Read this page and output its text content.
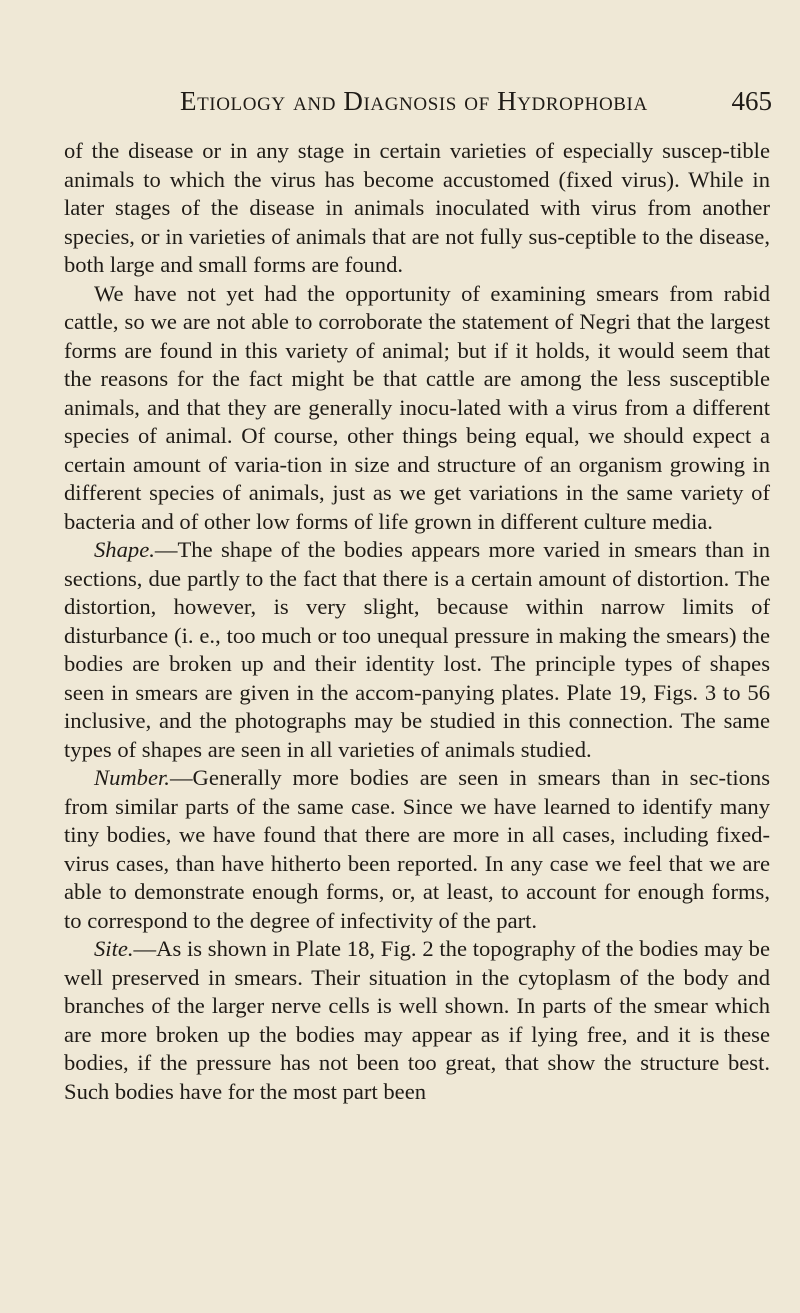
Etiology and Diagnosis of Hydrophobia	465

of the disease or in any stage in certain varieties of especially suscep-tible animals to which the virus has become accustomed (fixed virus). While in later stages of the disease in animals inoculated with virus from another species, or in varieties of animals that are not fully sus-ceptible to the disease, both large and small forms are found.

We have not yet had the opportunity of examining smears from rabid cattle, so we are not able to corroborate the statement of Negri that the largest forms are found in this variety of animal; but if it holds, it would seem that the reasons for the fact might be that cattle are among the less susceptible animals, and that they are generally inocu-lated with a virus from a different species of animal. Of course, other things being equal, we should expect a certain amount of varia-tion in size and structure of an organism growing in different species of animals, just as we get variations in the same variety of bacteria and of other low forms of life grown in different culture media.

Shape.—The shape of the bodies appears more varied in smears than in sections, due partly to the fact that there is a certain amount of distortion. The distortion, however, is very slight, because within narrow limits of disturbance (i. e., too much or too unequal pressure in making the smears) the bodies are broken up and their identity lost. The principle types of shapes seen in smears are given in the accom-panying plates. Plate 19, Figs. 3 to 56 inclusive, and the photographs may be studied in this connection. The same types of shapes are seen in all varieties of animals studied.

Number.—Generally more bodies are seen in smears than in sec-tions from similar parts of the same case. Since we have learned to identify many tiny bodies, we have found that there are more in all cases, including fixed-virus cases, than have hitherto been reported. In any case we feel that we are able to demonstrate enough forms, or, at least, to account for enough forms, to correspond to the degree of infectivity of the part.

Site.—As is shown in Plate 18, Fig. 2 the topography of the bodies may be well preserved in smears. Their situation in the cytoplasm of the body and branches of the larger nerve cells is well shown. In parts of the smear which are more broken up the bodies may appear as if lying free, and it is these bodies, if the pressure has not been too great, that show the structure best. Such bodies have for the most part been
